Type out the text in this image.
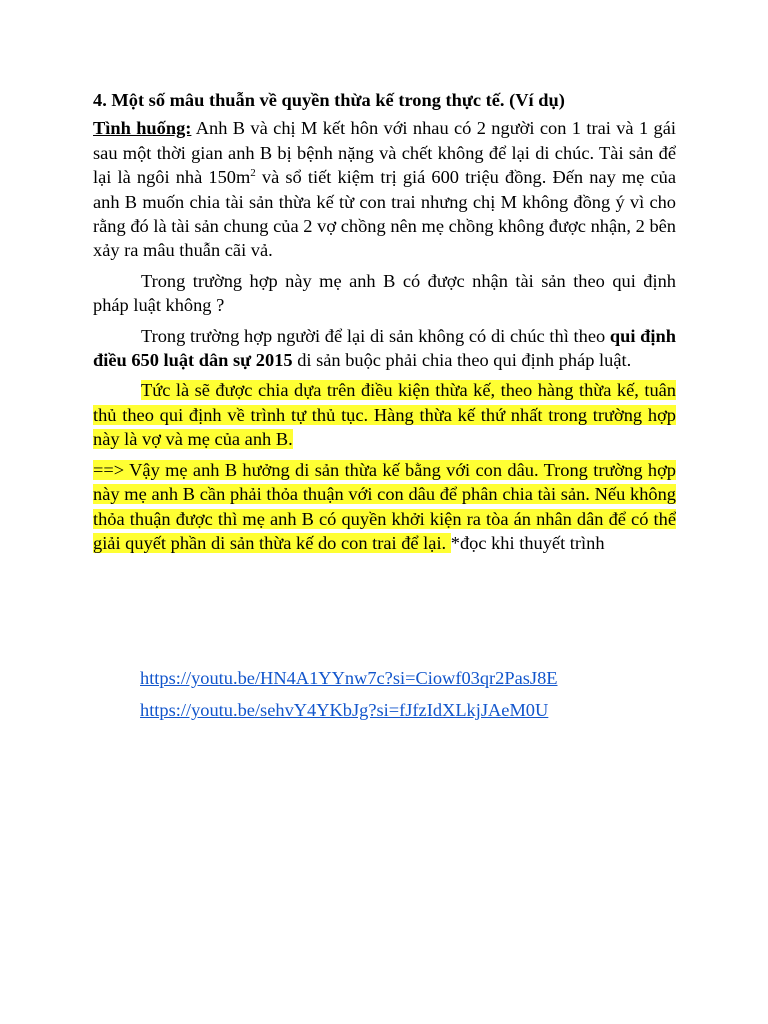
4. Một số mâu thuẫn về quyền thừa kế trong thực tế. (Ví dụ)

Tình huống: Anh B và chị M kết hôn với nhau có 2 người con 1 trai và 1 gái sau một thời gian anh B bị bệnh nặng và chết không để lại di chúc. Tài sản để lại là ngôi nhà $150m^2$ và sổ tiết kiệm trị giá 600 triệu đồng. Đến nay mẹ của anh B muốn chia tài sản thừa kế từ con trai nhưng chị M không đồng ý vì cho rằng đó là tài sản chung của 2 vợ chồng nên mẹ chồng không được nhận, 2 bên xảy ra mâu thuẫn cãi vả.

Trong trường hợp này mẹ anh B có được nhận tài sản theo qui định pháp luật không ?

Trong trường hợp người để lại di sản không có di chúc thì theo qui định điều 650 luật dân sự 2015 di sản buộc phải chia theo qui định pháp luật.

Tức là sẽ được chia dựa trên điều kiện thừa kế, theo hàng thừa kế, tuân thủ theo qui định về trình tự thủ tục. Hàng thừa kế thứ nhất trong trường hợp này là vợ và mẹ của anh B.

==> Vậy mẹ anh B hưởng di sản thừa kế bằng với con dâu. Trong trường hợp này mẹ anh B cần phải thỏa thuận với con dâu để phân chia tài sản. Nếu không thỏa thuận được thì mẹ anh B có quyền khởi kiện ra tòa án nhân dân để có thể giải quyết phần di sản thừa kế do con trai để lại. *đọc khi thuyết trình

https://youtu.be/HN4A1YYnw7c?si=Ciowf03qr2PasJ8E
https://youtu.be/sehvY4YKbJg?si=fJfzIdXLkjJAeM0U
